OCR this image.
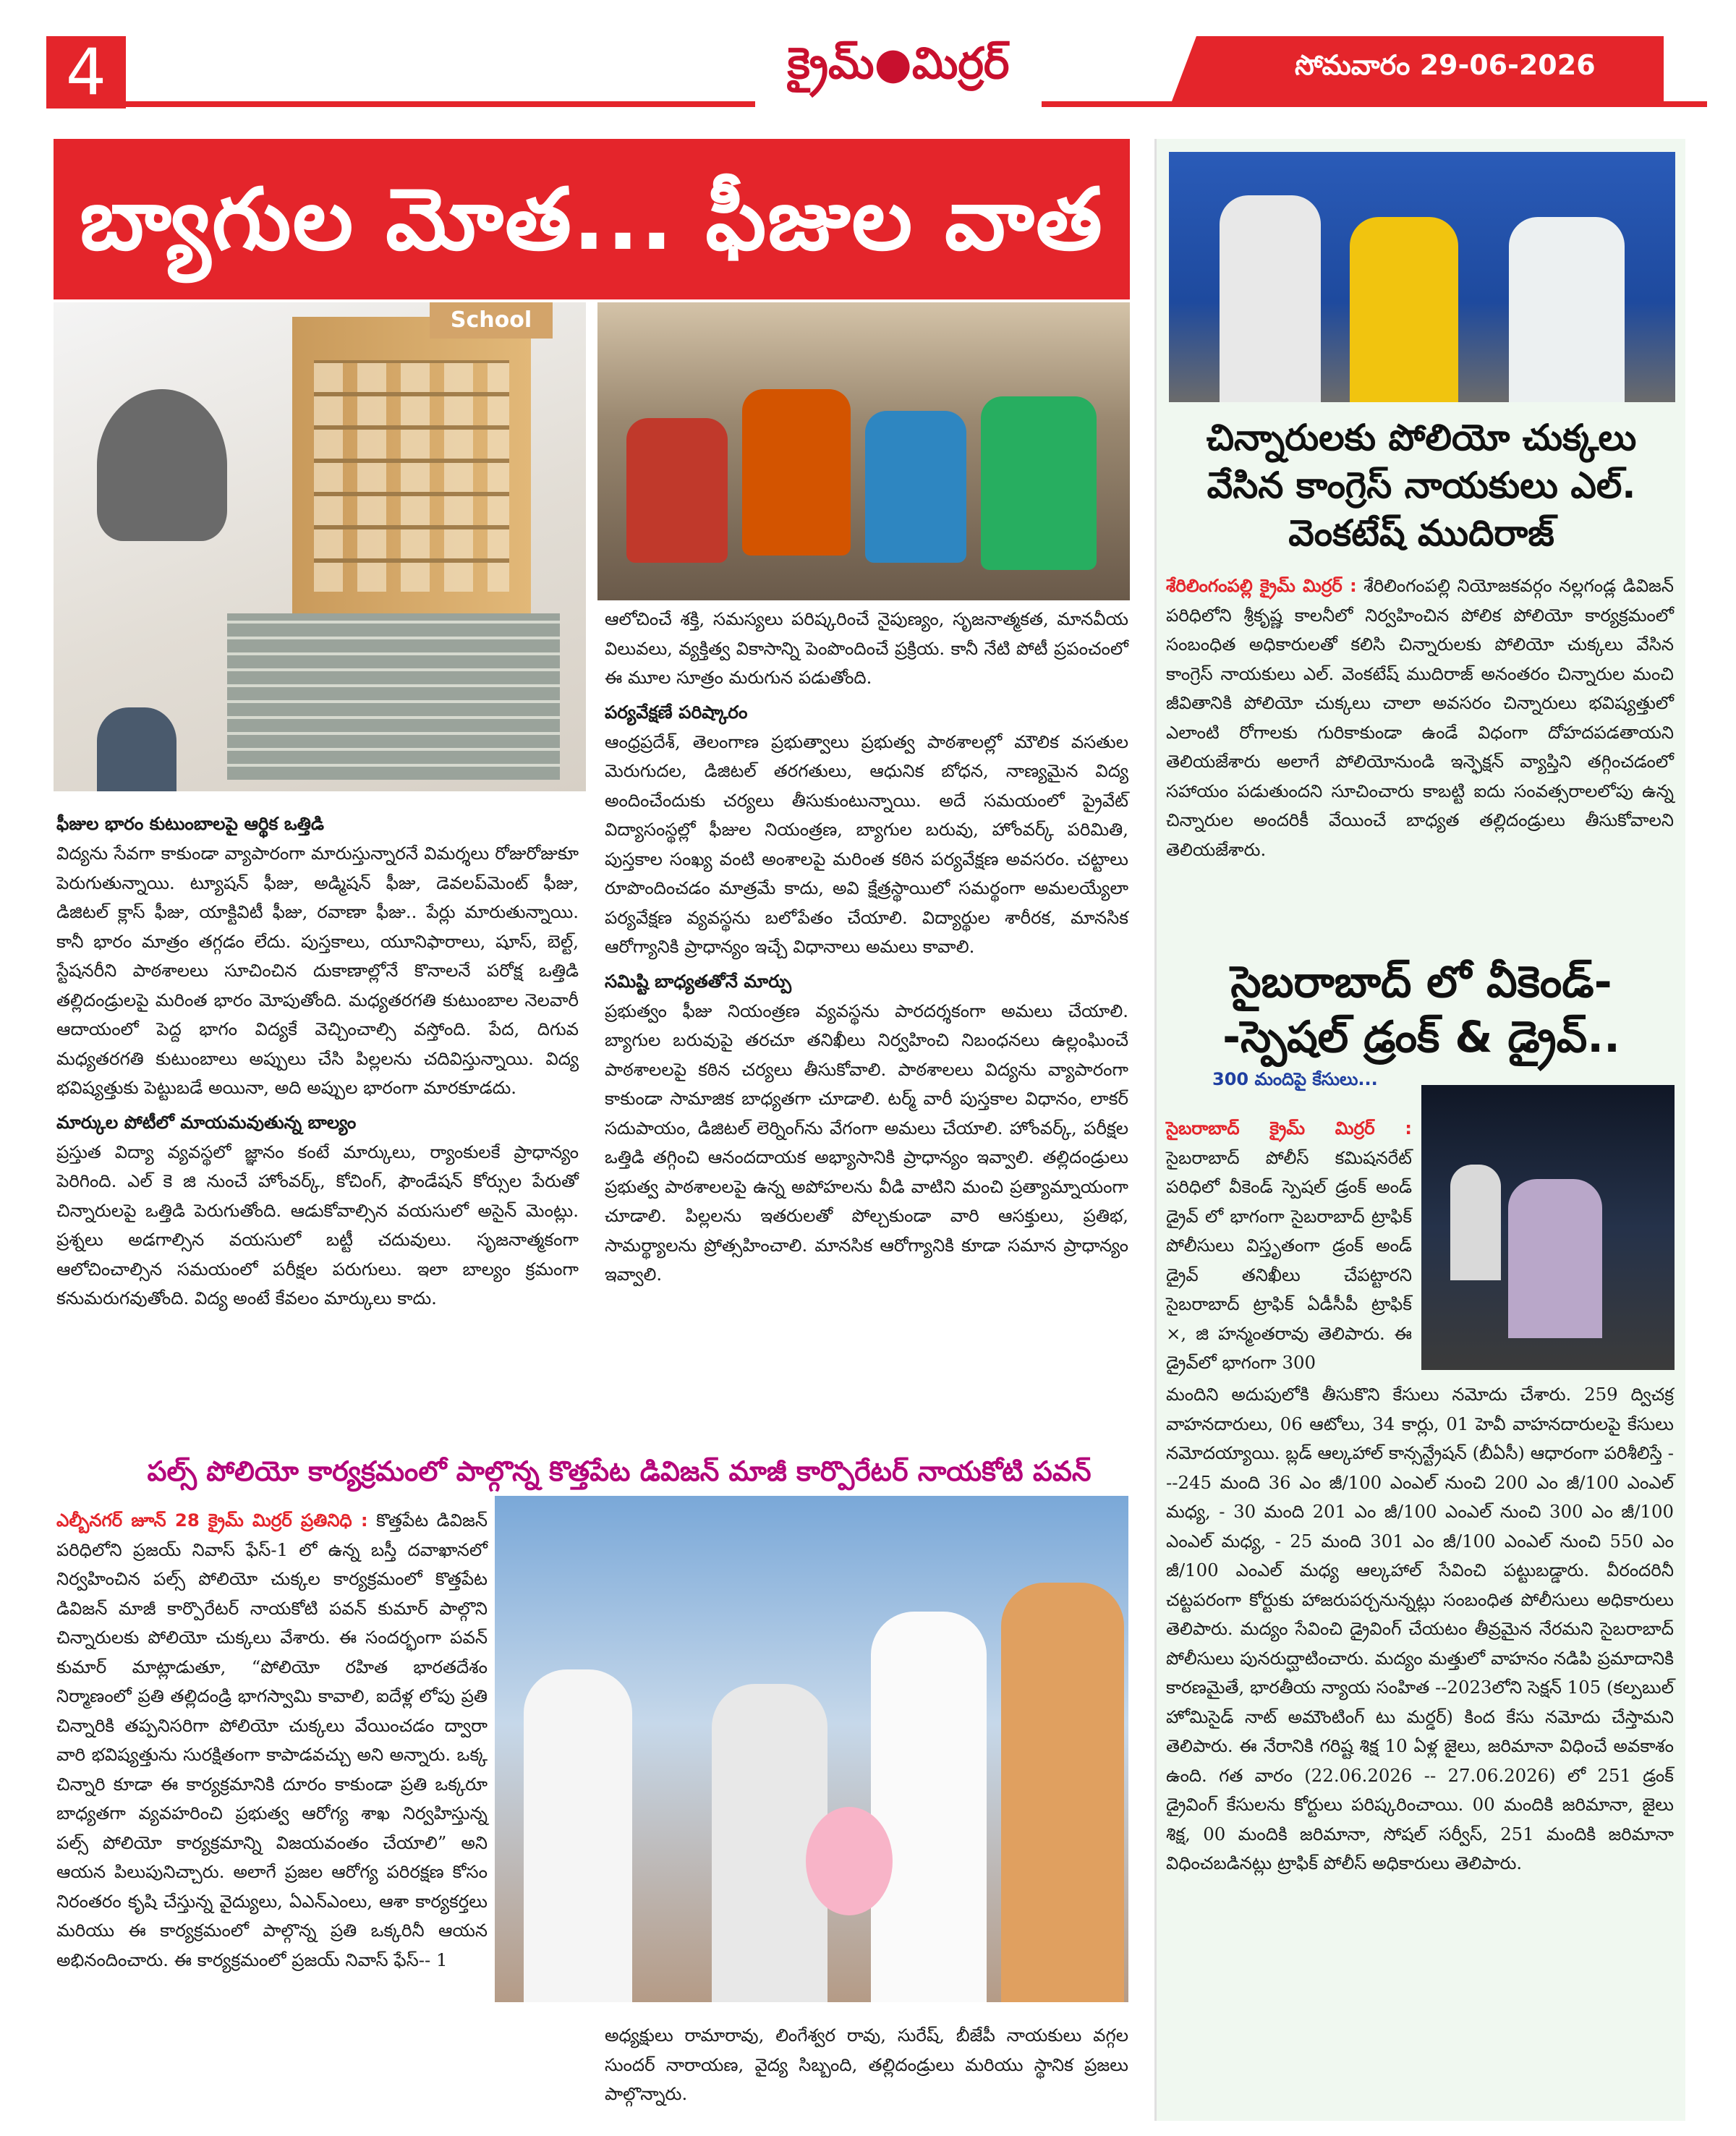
4	క్రైమ్●మిర్రర్	సోమవారం 29-06-2026
బ్యాగుల మోత... ఫీజుల వాత
School
ఫీజుల భారం కుటుంబాలపై ఆర్థిక ఒత్తిడి

విద్యను సేవగా కాకుండా వ్యాపారంగా మారుస్తున్నారనే విమర్శలు రోజురోజుకూ పెరుగుతున్నాయి. ట్యూషన్ ఫీజు, అడ్మిషన్ ఫీజు, డెవలప్‌మెంట్ ఫీజు, డిజిటల్ క్లాస్ ఫీజు, యాక్టివిటీ ఫీజు, రవాణా ఫీజు.. పేర్లు మారుతున్నాయి. కానీ భారం మాత్రం తగ్గడం లేదు. పుస్తకాలు, యూనిఫారాలు, షూస్, బెల్ట్, స్టేషనరీని పాఠశాలలు సూచించిన దుకాణాల్లోనే కొనాలనే పరోక్ష ఒత్తిడి తల్లిదండ్రులపై మరింత భారం మోపుతోంది. మధ్యతరగతి కుటుంబాల నెలవారీ ఆదాయంలో పెద్ద భాగం విద్యకే వెచ్చించాల్సి వస్తోంది. పేద, దిగువ మధ్యతరగతి కుటుంబాలు అప్పులు చేసి పిల్లలను చదివిస్తున్నాయి. విద్య భవిష్యత్తుకు పెట్టుబడే అయినా, అది అప్పుల భారంగా మారకూడదు.

మార్కుల పోటీలో మాయమవుతున్న బాల్యం

ప్రస్తుత విద్యా వ్యవస్థలో జ్ఞానం కంటే మార్కులు, ర్యాంకులకే ప్రాధాన్యం పెరిగింది. ఎల్ కె జి నుంచే హోంవర్క్, కోచింగ్, ఫౌండేషన్ కోర్సుల పేరుతో చిన్నారులపై ఒత్తిడి పెరుగుతోంది. ఆడుకోవాల్సిన వయసులో అసైన్ మెంట్లు. ప్రశ్నలు అడగాల్సిన వయసులో బట్టీ చదువులు. సృజనాత్మకంగా ఆలోచించాల్సిన సమయంలో పరీక్షల పరుగులు. ఇలా బాల్యం క్రమంగా కనుమరుగవుతోంది. విద్య అంటే కేవలం మార్కులు కాదు.

ఆలోచించే శక్తి, సమస్యలు పరిష్కరించే నైపుణ్యం, సృజనాత్మకత, మానవీయ విలువలు, వ్యక్తిత్వ వికాసాన్ని పెంపొందించే ప్రక్రియ. కానీ నేటి పోటీ ప్రపంచంలో ఈ మూల సూత్రం మరుగున పడుతోంది.

పర్యవేక్షణే పరిష్కారం

ఆంధ్రప్రదేశ్, తెలంగాణ ప్రభుత్వాలు ప్రభుత్వ పాఠశాలల్లో మౌలిక వసతుల మెరుగుదల, డిజిటల్ తరగతులు, ఆధునిక బోధన, నాణ్యమైన విద్య అందించేందుకు చర్యలు తీసుకుంటున్నాయి. అదే సమయంలో ప్రైవేట్ విద్యాసంస్థల్లో ఫీజుల నియంత్రణ, బ్యాగుల బరువు, హోంవర్క్ పరిమితి, పుస్తకాల సంఖ్య వంటి అంశాలపై మరింత కఠిన పర్యవేక్షణ అవసరం. చట్టాలు రూపొందించడం మాత్రమే కాదు, అవి క్షేత్రస్థాయిలో సమర్థంగా అమలయ్యేలా పర్యవేక్షణ వ్యవస్థను బలోపేతం చేయాలి. విద్యార్థుల శారీరక, మానసిక ఆరోగ్యానికి ప్రాధాన్యం ఇచ్చే విధానాలు అమలు కావాలి.

సమిష్టి బాధ్యతతోనే మార్పు

ప్రభుత్వం ఫీజు నియంత్రణ వ్యవస్థను పారదర్శకంగా అమలు చేయాలి. బ్యాగుల బరువుపై తరచూ తనిఖీలు నిర్వహించి నిబంధనలు ఉల్లంఘించే పాఠశాలలపై కఠిన చర్యలు తీసుకోవాలి. పాఠశాలలు విద్యను వ్యాపారంగా కాకుండా సామాజిక బాధ్యతగా చూడాలి. టర్మ్ వారీ పుస్తకాల విధానం, లాకర్ సదుపాయం, డిజిటల్ లెర్నింగ్‌ను వేగంగా అమలు చేయాలి. హోంవర్క్, పరీక్షల ఒత్తిడి తగ్గించి ఆనందదాయక అభ్యాసానికి ప్రాధాన్యం ఇవ్వాలి. తల్లిదండ్రులు ప్రభుత్వ పాఠశాలలపై ఉన్న అపోహలను వీడి వాటిని మంచి ప్రత్యామ్నాయంగా చూడాలి. పిల్లలను ఇతరులతో పోల్చకుండా వారి ఆసక్తులు, ప్రతిభ, సామర్థ్యాలను ప్రోత్సహించాలి. మానసిక ఆరోగ్యానికి కూడా సమాన ప్రాధాన్యం ఇవ్వాలి.

చిన్నారులకు పోలియో చుక్కలు వేసిన కాంగ్రెస్ నాయకులు ఎల్. వెంకటేష్ ముదిరాజ్
శేరిలింగంపల్లి క్రైమ్ మిర్రర్ : శేరిలింగంపల్లి నియోజకవర్గం నల్లగండ్ల డివిజన్ పరిధిలోని శ్రీకృష్ణ కాలనీలో నిర్వహించిన పోలిక పోలియో కార్యక్రమంలో సంబంధిత అధికారులతో కలిసి చిన్నారులకు పోలియో చుక్కలు వేసిన కాంగ్రెస్ నాయకులు ఎల్. వెంకటేష్ ముదిరాజ్ అనంతరం చిన్నారుల మంచి జీవితానికి పోలియో చుక్కలు చాలా అవసరం చిన్నారులు భవిష్యత్తులో ఎలాంటి రోగాలకు గురికాకుండా ఉండే విధంగా దోహదపడతాయని తెలియజేశారు అలాగే పోలియోనుండి ఇన్ఫెక్షన్ వ్యాప్తిని తగ్గించడంలో సహాయం పడుతుందని సూచించారు కాబట్టి ఐదు సంవత్సరాలలోపు ఉన్న చిన్నారుల అందరికీ వేయించే బాధ్యత తల్లిదండ్రులు తీసుకోవాలని తెలియజేశారు.
సైబరాబాద్ లో వీకెండ్- -స్పెషల్ డ్రంక్ & డ్రైవ్..
300 మందిపై కేసులు...
సైబరాబాద్ క్రైమ్ మిర్రర్ : సైబరాబాద్ పోలీస్ కమిషనరేట్ పరిధిలో వీకెండ్ స్పెషల్ డ్రంక్ అండ్ డ్రైవ్ లో భాగంగా సైబరాబాద్ ట్రాఫిక్ పోలీసులు విస్తృతంగా డ్రంక్ అండ్ డ్రైవ్ తనిఖీలు చేపట్టారని సైబరాబాద్ ట్రాఫిక్ ఏడీసీపీ ట్రాఫిక్ ×, జి హన్మంతరావు తెలిపారు. ఈ డ్రైవ్‌లో భాగంగా 300
మందిని అదుపులోకి తీసుకొని కేసులు నమోదు చేశారు. 259 ద్విచక్ర వాహనదారులు, 06 ఆటోలు, 34 కార్లు, 01 హెవీ వాహనదారులపై కేసులు నమోదయ్యాయి. బ్లడ్ ఆల్కహాల్ కాన్సన్ట్రేషన్ (బీఏసీ) ఆధారంగా పరిశీలిస్తే ---245 మంది 36 ఎం జీ/100 ఎంఎల్ నుంచి 200 ఎం జీ/100 ఎంఎల్ మధ్య, - 30 మంది 201 ఎం జీ/100 ఎంఎల్ నుంచి 300 ఎం జీ/100 ఎంఎల్ మధ్య, - 25 మంది 301 ఎం జీ/100 ఎంఎల్ నుంచి 550 ఎం జీ/100 ఎంఎల్ మధ్య ఆల్కహాల్ సేవించి పట్టుబడ్డారు. వీరందరినీ చట్టపరంగా కోర్టుకు హాజరుపర్చనున్నట్లు సంబంధిత పోలీసులు అధికారులు తెలిపారు. మద్యం సేవించి డ్రైవింగ్ చేయటం తీవ్రమైన నేరమని సైబరాబాద్ పోలీసులు పునరుద్ఘాటించారు. మద్యం మత్తులో వాహనం నడిపి ప్రమాదానికి కారణమైతే, భారతీయ న్యాయ సంహిత --2023లోని సెక్షన్ 105 (కల్పబుల్ హోమిసైడ్ నాట్ అమౌంటింగ్ టు మర్డర్) కింద కేసు నమోదు చేస్తామని తెలిపారు. ఈ నేరానికి గరిష్ట శిక్ష 10 ఏళ్ల జైలు, జరిమానా విధించే అవకాశం ఉంది. గత వారం (22.06.2026 -- 27.06.2026) లో 251 డ్రంక్ డ్రైవింగ్ కేసులను కోర్టులు పరిష్కరించాయి. 00 మందికి జరిమానా, జైలు శిక్ష, 00 మందికి జరిమానా, సోషల్ సర్వీస్, 251 మందికి జరిమానా విధించబడినట్లు ట్రాఫిక్ పోలీస్ అధికారులు తెలిపారు.
పల్స్ పోలియో కార్యక్రమంలో పాల్గొన్న కొత్తపేట డివిజన్ మాజీ కార్పొరేటర్ నాయకోటి పవన్
ఎల్బీనగర్ జూన్ 28 క్రైమ్ మిర్రర్ ప్రతినిధి : కొత్తపేట డివిజన్ పరిధిలోని ప్రజయ్ నివాస్ ఫేస్-1 లో ఉన్న బస్తీ దవాఖానలో నిర్వహించిన పల్స్ పోలియో చుక్కల కార్యక్రమంలో కొత్తపేట డివిజన్ మాజీ కార్పొరేటర్ నాయకోటి పవన్ కుమార్ పాల్గొని చిన్నారులకు పోలియో చుక్కలు వేశారు. ఈ సందర్భంగా పవన్ కుమార్ మాట్లాడుతూ, “పోలియో రహిత భారతదేశం నిర్మాణంలో ప్రతి తల్లిదండ్రి భాగస్వామి కావాలి, ఐదేళ్ల లోపు ప్రతి చిన్నారికి తప్పనిసరిగా పోలియో చుక్కలు వేయించడం ద్వారా వారి భవిష్యత్తును సురక్షితంగా కాపాడవచ్చు అని అన్నారు. ఒక్క చిన్నారి కూడా ఈ కార్యక్రమానికి దూరం కాకుండా ప్రతి ఒక్కరూ బాధ్యతగా వ్యవహరించి ప్రభుత్వ ఆరోగ్య శాఖ నిర్వహిస్తున్న పల్స్ పోలియో కార్యక్రమాన్ని విజయవంతం చేయాలి” అని ఆయన పిలుపునిచ్చారు. అలాగే ప్రజల ఆరోగ్య పరిరక్షణ కోసం నిరంతరం కృషి చేస్తున్న వైద్యులు, ఏఎన్ఎంలు, ఆశా కార్యకర్తలు మరియు ఈ కార్యక్రమంలో పాల్గొన్న ప్రతి ఒక్కరినీ ఆయన అభినందించారు. ఈ కార్యక్రమంలో ప్రజయ్ నివాస్ ఫేస్-- 1
అధ్యక్షులు రామారావు, లింగేశ్వర రావు, సురేష్, బీజేపీ నాయకులు వగ్గల సుందర్ నారాయణ, వైద్య సిబ్బంది, తల్లిదండ్రులు మరియు స్థానిక ప్రజలు పాల్గొన్నారు.
